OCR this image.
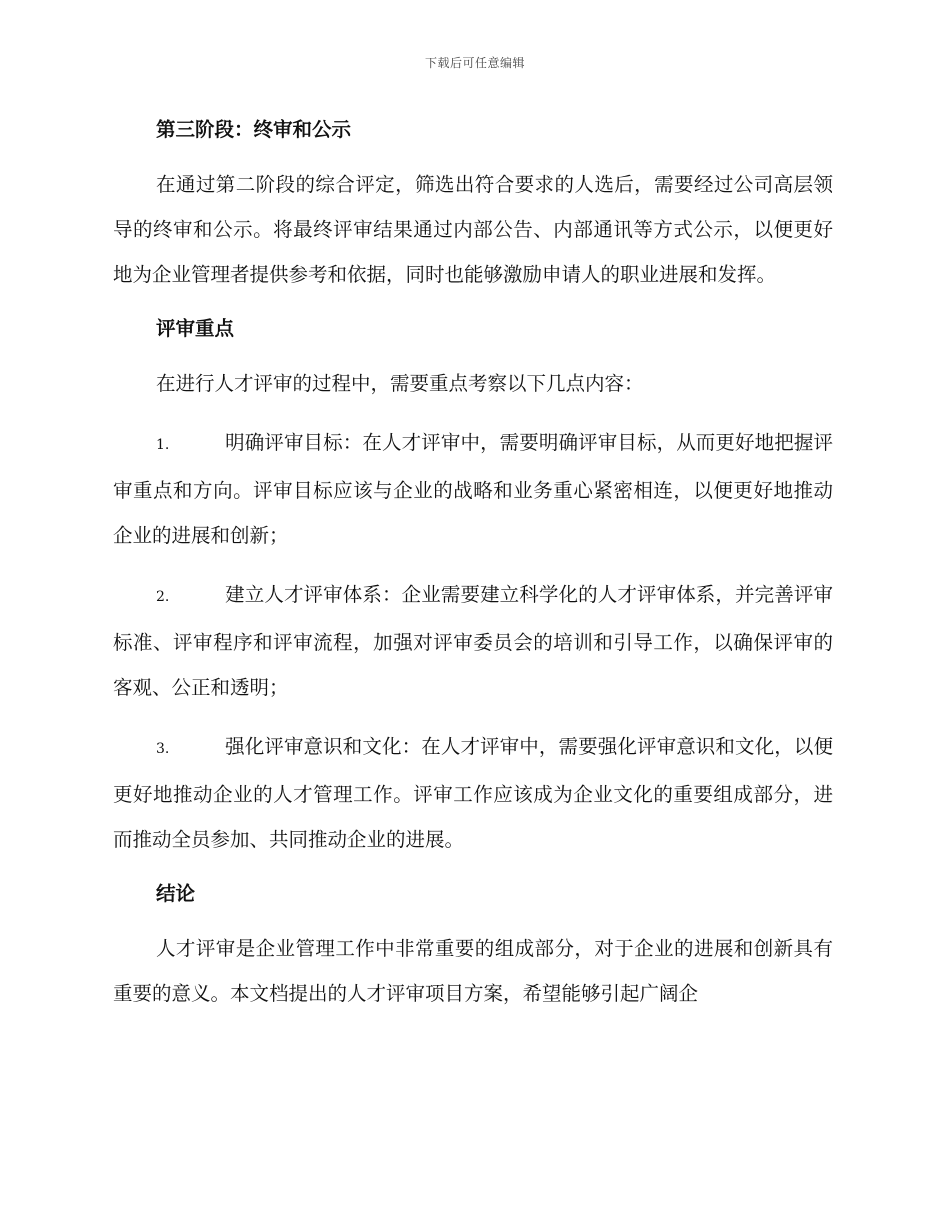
下载后可任意编辑
第三阶段：终审和公示

在通过第二阶段的综合评定，筛选出符合要求的人选后，需要经过公司高层领导的终审和公示。将最终评审结果通过内部公告、内部通讯等方式公示，以便更好地为企业管理者提供参考和依据，同时也能够激励申请人的职业进展和发挥。

评审重点

在进行人才评审的过程中，需要重点考察以下几点内容：

1.	明确评审目标：在人才评审中，需要明确评审目标，从而更好地把握评审重点和方向。评审目标应该与企业的战略和业务重心紧密相连，以便更好地推动企业的进展和创新；

2.	建立人才评审体系：企业需要建立科学化的人才评审体系，并完善评审标准、评审程序和评审流程，加强对评审委员会的培训和引导工作，以确保评审的客观、公正和透明；

3.	强化评审意识和文化：在人才评审中，需要强化评审意识和文化，以便更好地推动企业的人才管理工作。评审工作应该成为企业文化的重要组成部分，进而推动全员参加、共同推动企业的进展。

结论

人才评审是企业管理工作中非常重要的组成部分，对于企业的进展和创新具有重要的意义。本文档提出的人才评审项目方案，希望能够引起广阔企
